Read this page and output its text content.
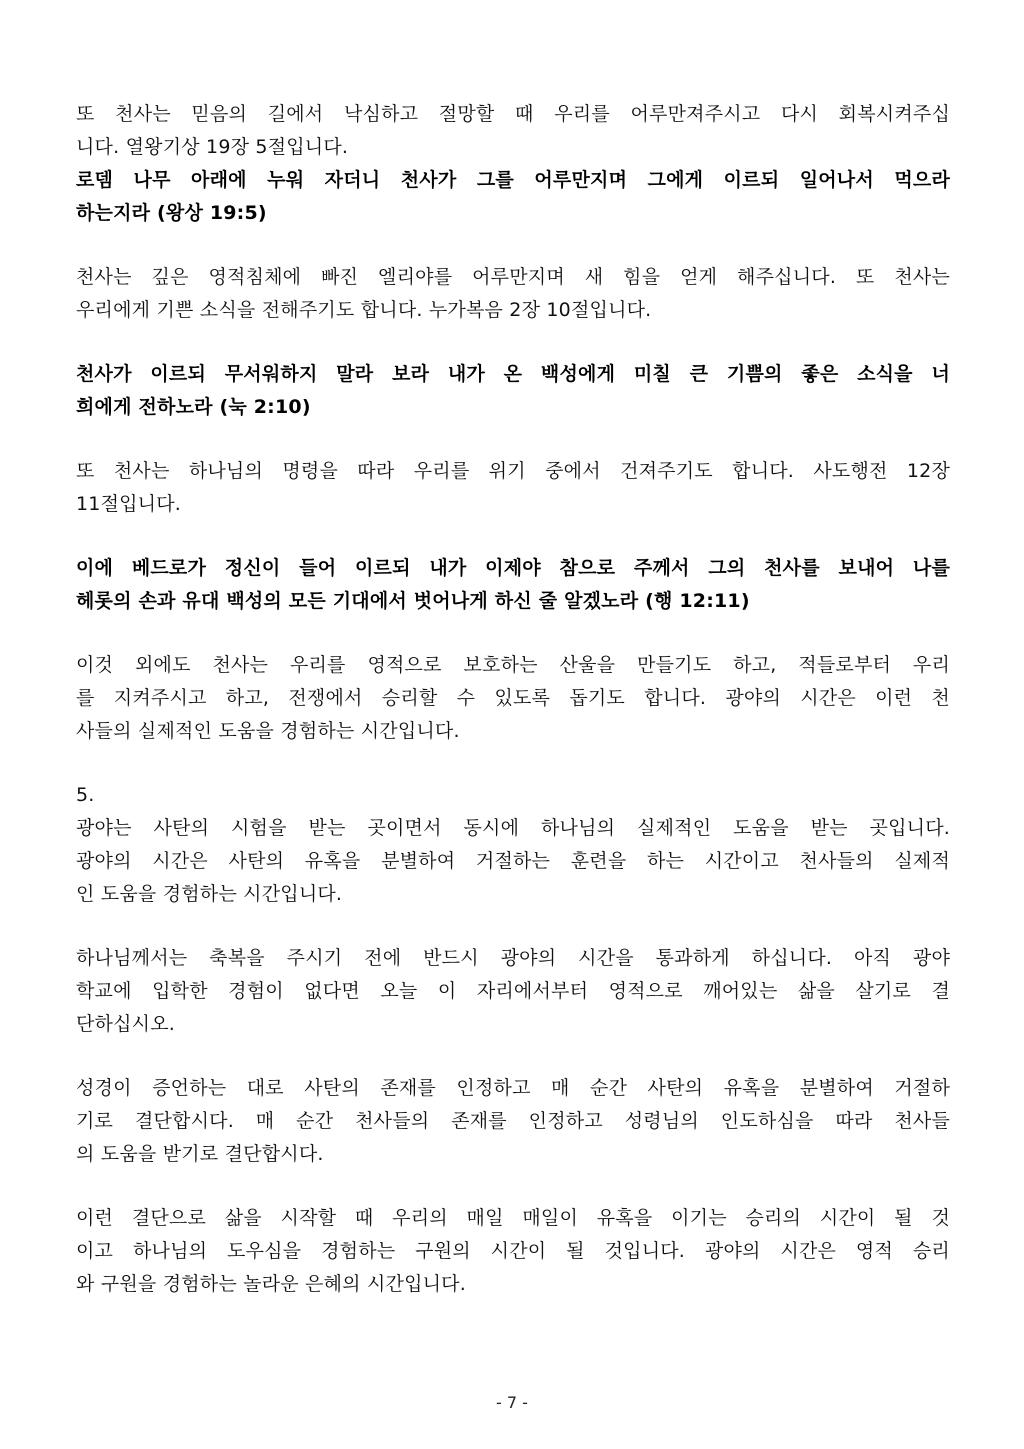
또 천사는 믿음의 길에서 낙심하고 절망할 때 우리를 어루만져주시고 다시 회복시켜주십
니다. 열왕기상 19장 5절입니다.
로뎀 나무 아래에 누워 자더니 천사가 그를 어루만지며 그에게 이르되 일어나서 먹으라
하는지라 (왕상 19:5)
천사는 깊은 영적침체에 빠진 엘리야를 어루만지며 새 힘을 얻게 해주십니다. 또 천사는
우리에게 기쁜 소식을 전해주기도 합니다. 누가복음 2장 10절입니다.
천사가 이르되 무서워하지 말라 보라 내가 온 백성에게 미칠 큰 기쁨의 좋은 소식을 너
희에게 전하노라 (눅 2:10)
또 천사는 하나님의 명령을 따라 우리를 위기 중에서 건져주기도 합니다. 사도행전 12장
11절입니다.
이에 베드로가 정신이 들어 이르되 내가 이제야 참으로 주께서 그의 천사를 보내어 나를
헤롯의 손과 유대 백성의 모든 기대에서 벗어나게 하신 줄 알겠노라 (행 12:11)
이것 외에도 천사는 우리를 영적으로 보호하는 산울을 만들기도 하고, 적들로부터 우리
를 지켜주시고 하고, 전쟁에서 승리할 수 있도록 돕기도 합니다. 광야의 시간은 이런 천
사들의 실제적인 도움을 경험하는 시간입니다.
5.
광야는 사탄의 시험을 받는 곳이면서 동시에 하나님의 실제적인 도움을 받는 곳입니다.
광야의 시간은 사탄의 유혹을 분별하여 거절하는 훈련을 하는 시간이고 천사들의 실제적
인 도움을 경험하는 시간입니다.
하나님께서는 축복을 주시기 전에 반드시 광야의 시간을 통과하게 하십니다. 아직 광야
학교에 입학한 경험이 없다면 오늘 이 자리에서부터 영적으로 깨어있는 삶을 살기로 결
단하십시오.
성경이 증언하는 대로 사탄의 존재를 인정하고 매 순간 사탄의 유혹을 분별하여 거절하
기로 결단합시다. 매 순간 천사들의 존재를 인정하고 성령님의 인도하심을 따라 천사들
의 도움을 받기로 결단합시다.
이런 결단으로 삶을 시작할 때 우리의 매일 매일이 유혹을 이기는 승리의 시간이 될 것
이고 하나님의 도우심을 경험하는 구원의 시간이 될 것입니다. 광야의 시간은 영적 승리
와 구원을 경험하는 놀라운 은혜의 시간입니다.
- 7 -
